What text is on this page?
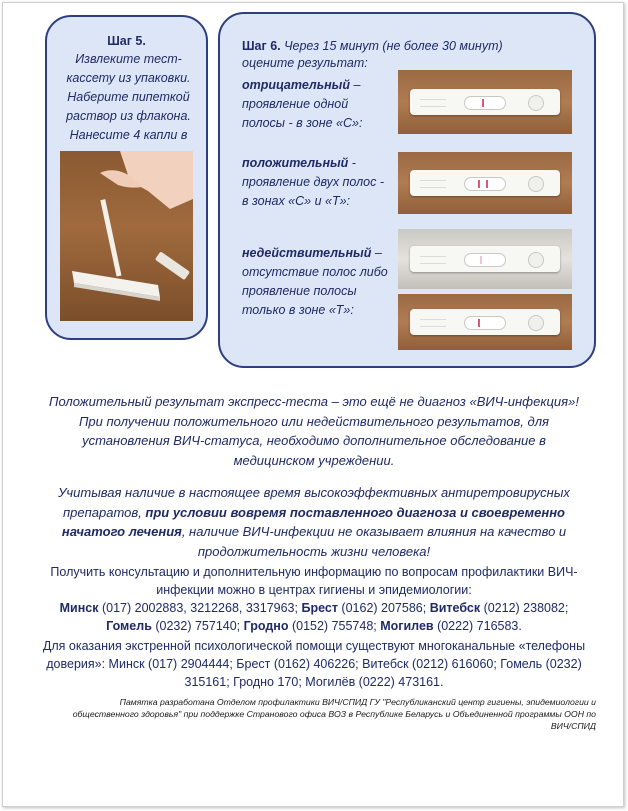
Шаг 5.
Извлеките тест-кассету из упаковки. Наберите пипеткой раствор из флакона. Нанесите 4 капли в
Шаг 6. Через 15 минут (не более 30 минут) оцените результат:
отрицательный – проявление одной полосы - в зоне «С»:
положительный - проявление двух полос - в зонах «С» и «Т»:
недействительный – отсутствие полос либо проявление полосы только в зоне «Т»:
Положительный результат экспресс-теста – это ещё не диагноз «ВИЧ-инфекция»! При получении положительного или недействительного результатов, для установления ВИЧ-статуса, необходимо дополнительное обследование в медицинском учреждении.
Учитывая наличие в настоящее время высокоэффективных антиретровирусных препаратов, при условии вовремя поставленного диагноза и своевременно начатого лечения, наличие ВИЧ-инфекции не оказывает влияния на качество и продолжительность жизни человека!
Получить консультацию и дополнительную информацию по вопросам профилактики ВИЧ-инфекции можно в центрах гигиены и эпидемиологии:
Минск (017) 2002883, 3212268, 3317963; Брест (0162) 207586; Витебск (0212) 238082; Гомель (0232) 757140; Гродно (0152) 755748; Могилев (0222) 716583.
Для оказания экстренной психологической помощи существуют многоканальные «телефоны доверия»: Минск (017) 2904444; Брест (0162) 406226; Витебск (0212) 616060; Гомель (0232) 315161; Гродно 170; Могилёв (0222) 473161.
Памятка разработана Отделом профилактики ВИЧ/СПИД ГУ "Республиканский центр гигиены, эпидемиологии и общественного здоровья" при поддержке Странового офиса ВОЗ в Республике Беларусь и Объединенной программы ООН по ВИЧ/СПИД
